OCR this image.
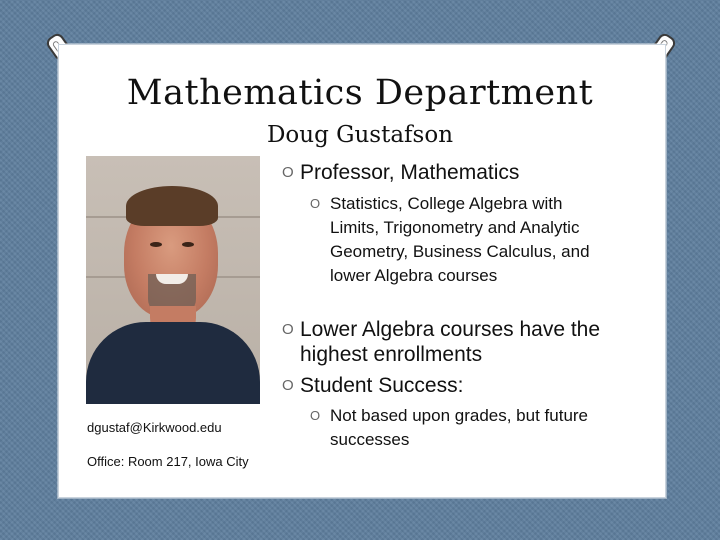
Mathematics Department
Doug Gustafson
dgustaf@Kirkwood.edu
Office: Room 217, Iowa City
O Professor, Mathematics
O Statistics, College Algebra with Limits, Trigonometry and Analytic Geometry, Business Calculus, and lower Algebra courses
O Lower Algebra courses have the highest enrollments
O Student Success:
O Not based upon grades, but future successes
